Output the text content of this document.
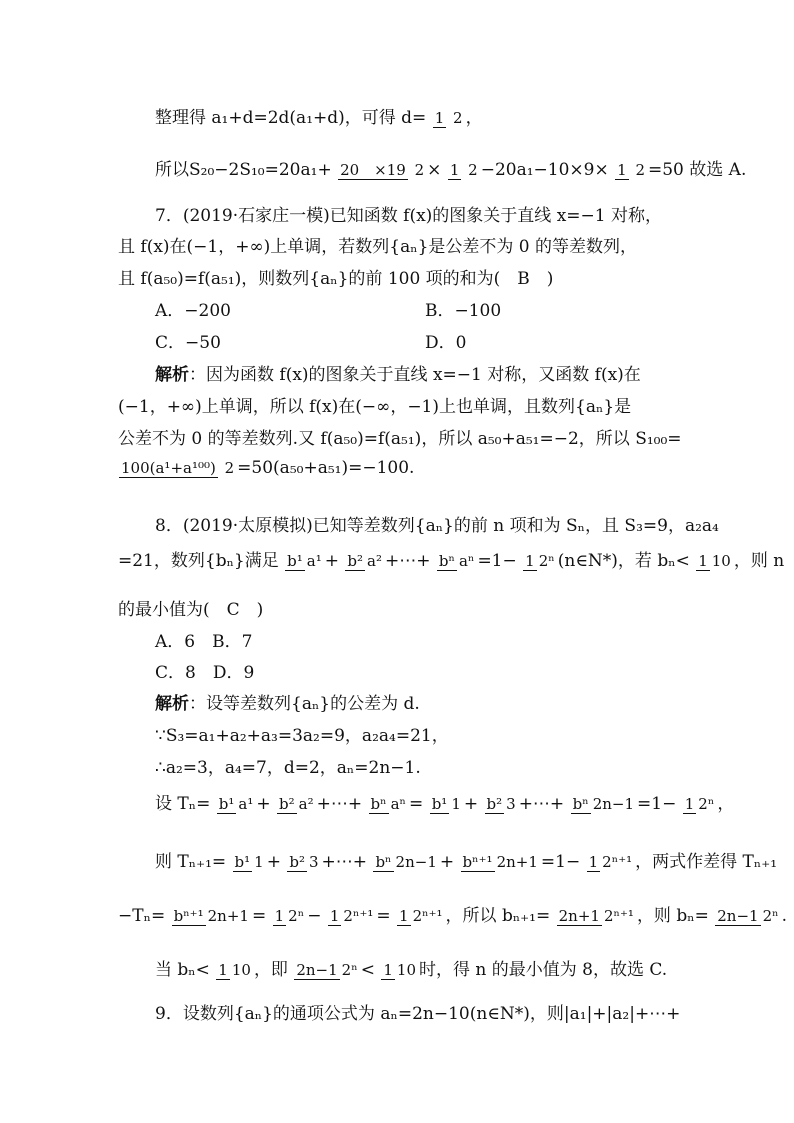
整理得 a₁+d=2d(a₁+d)，可得 d= 1 2 ，
所以S₂₀−2S₁₀=20a₁+ 20　×19 2 × 1 2 −20a₁−10×9× 1 2 =50 故选 A.
7．(2019·石家庄一模)已知函数 f(x)的图象关于直线 x=−1 对称，
且 f(x)在(−1，+∞)上单调，若数列{aₙ}是公差不为 0 的等差数列，
且 f(a₅₀)=f(a₅₁)，则数列{aₙ}的前 100 项的和为(　B　)
A．−200	B．−100
C．−50	D．0
解析：因为函数 f(x)的图象关于直线 x=−1 对称，又函数 f(x)在
(−1，+∞)上单调，所以 f(x)在(−∞，−1)上也单调，且数列{aₙ}是
公差不为 0 的等差数列.又 f(a₅₀)=f(a₅₁)，所以 a₅₀+a₅₁=−2，所以 S₁₀₀=
100(a¹+a¹⁰⁰) 2 =50(a₅₀+a₅₁)=−100.
8．(2019·太原模拟)已知等差数列{aₙ}的前 n 项和为 Sₙ，且 S₃=9，a₂a₄
=21，数列{bₙ}满足 b¹ a¹ + b² a² +⋯+ bⁿ aⁿ =1− 1 2ⁿ (n∈N*)，若 bₙ< 1 10 ，则 n
的最小值为(　C　)
A．6　B．7
C．8　D．9
解析：设等差数列{aₙ}的公差为 d.
∵S₃=a₁+a₂+a₃=3a₂=9，a₂a₄=21，
∴a₂=3，a₄=7，d=2，aₙ=2n−1.
设 Tₙ= b¹ a¹ + b² a² +⋯+ bⁿ aⁿ = b¹ 1 + b² 3 +⋯+ bⁿ 2n−1 =1− 1 2ⁿ ，
则 Tₙ₊₁= b¹ 1 + b² 3 +⋯+ bⁿ 2n−1 + bⁿ⁺¹ 2n+1 =1− 1 2ⁿ⁺¹ ，两式作差得 Tₙ₊₁
−Tₙ= bⁿ⁺¹ 2n+1 = 1 2ⁿ − 1 2ⁿ⁺¹ = 1 2ⁿ⁺¹ ，所以 bₙ₊₁= 2n+1 2ⁿ⁺¹ ，则 bₙ= 2n−1 2ⁿ .
当 bₙ< 1 10 ，即 2n−1 2ⁿ < 1 10 时，得 n 的最小值为 8，故选 C.
9．设数列{aₙ}的通项公式为 aₙ=2n−10(n∈N*)，则|a₁|+|a₂|+⋯+
